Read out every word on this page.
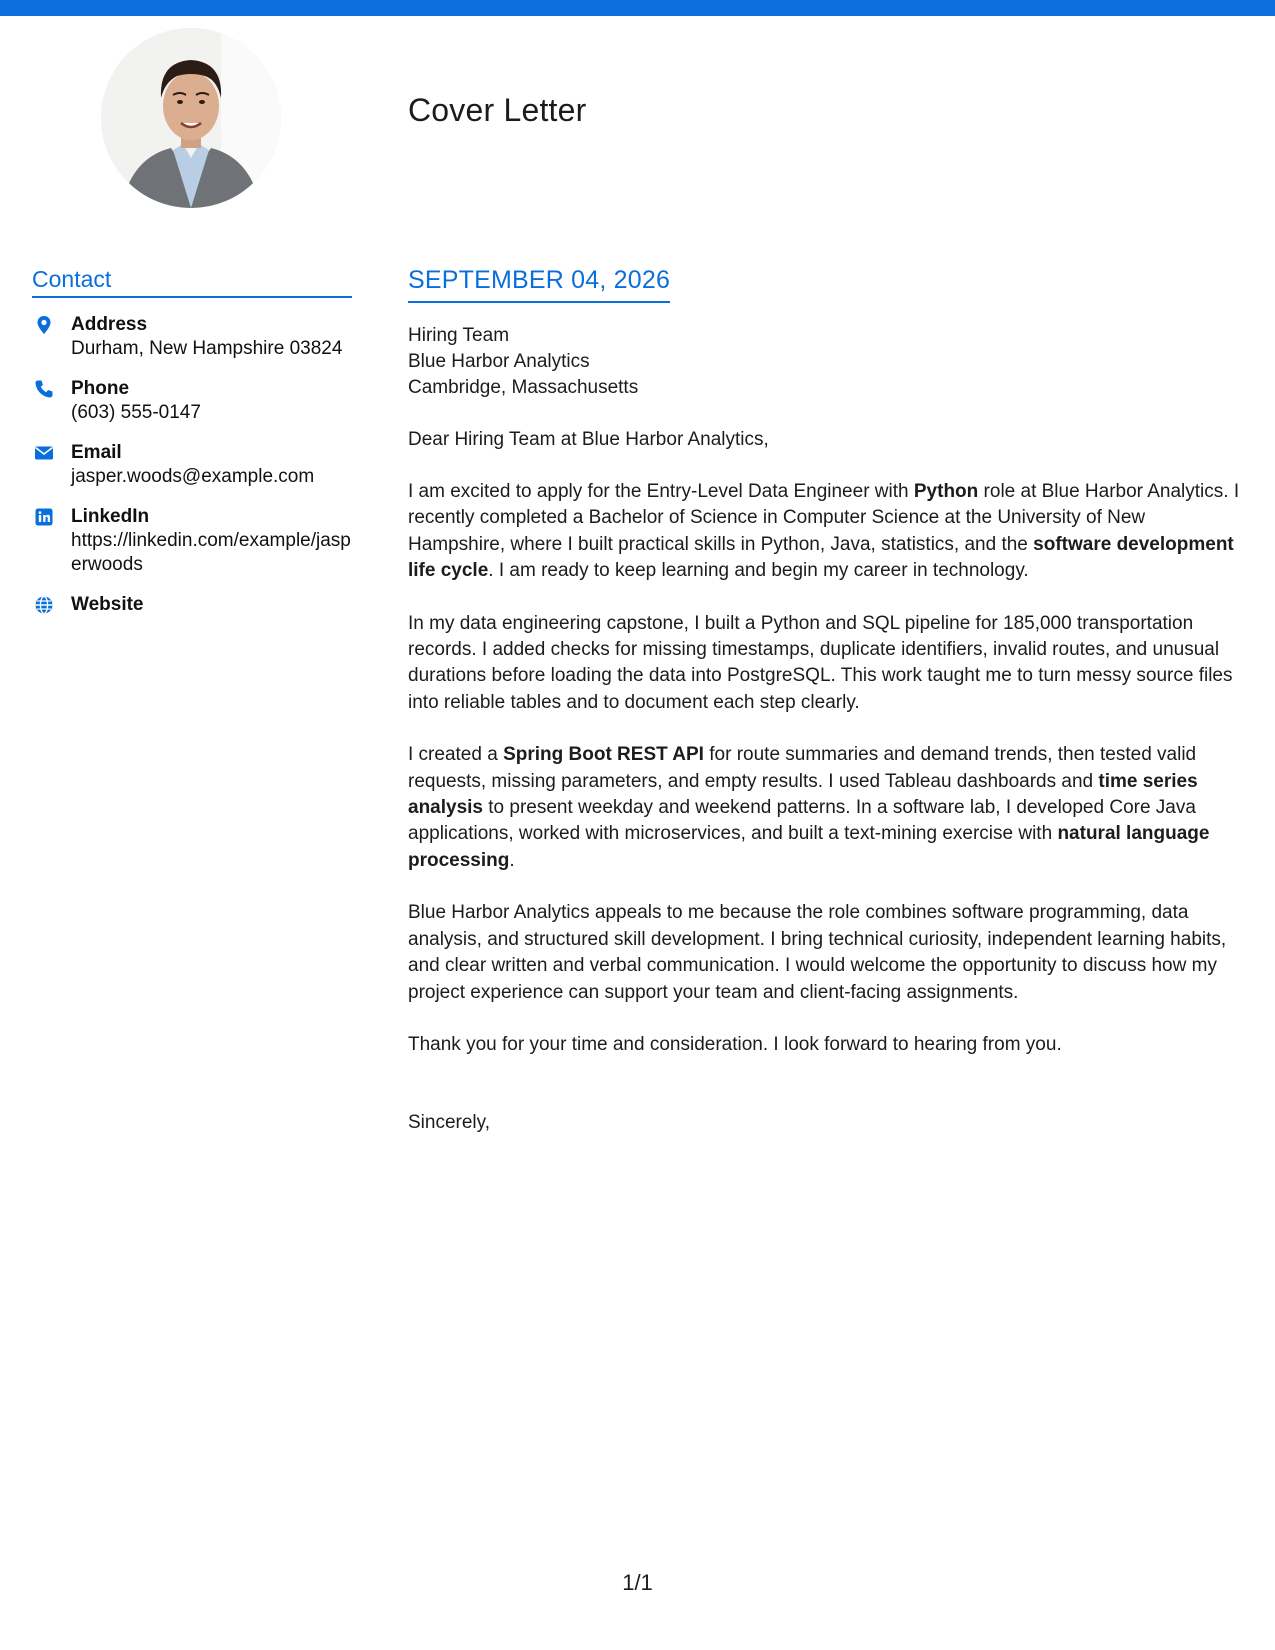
Cover Letter
Contact
Address
Durham, New Hampshire 03824
Phone
(603) 555-0147
Email
jasper.woods@example.com
LinkedIn
https://linkedin.com/example/jasperwoods
Website
SEPTEMBER 04, 2026
Hiring Team
Blue Harbor Analytics
Cambridge, Massachusetts
Dear Hiring Team at Blue Harbor Analytics,

I am excited to apply for the Entry-Level Data Engineer with Python role at Blue Harbor Analytics. I recently completed a Bachelor of Science in Computer Science at the University of New Hampshire, where I built practical skills in Python, Java, statistics, and the software development life cycle. I am ready to keep learning and begin my career in technology.

In my data engineering capstone, I built a Python and SQL pipeline for 185,000 transportation records. I added checks for missing timestamps, duplicate identifiers, invalid routes, and unusual durations before loading the data into PostgreSQL. This work taught me to turn messy source files into reliable tables and to document each step clearly.

I created a Spring Boot REST API for route summaries and demand trends, then tested valid requests, missing parameters, and empty results. I used Tableau dashboards and time series analysis to present weekday and weekend patterns. In a software lab, I developed Core Java applications, worked with microservices, and built a text-mining exercise with natural language processing.

Blue Harbor Analytics appeals to me because the role combines software programming, data analysis, and structured skill development. I bring technical curiosity, independent learning habits, and clear written and verbal communication. I would welcome the opportunity to discuss how my project experience can support your team and client-facing assignments.

Thank you for your time and consideration. I look forward to hearing from you.

Sincerely,
1/1
